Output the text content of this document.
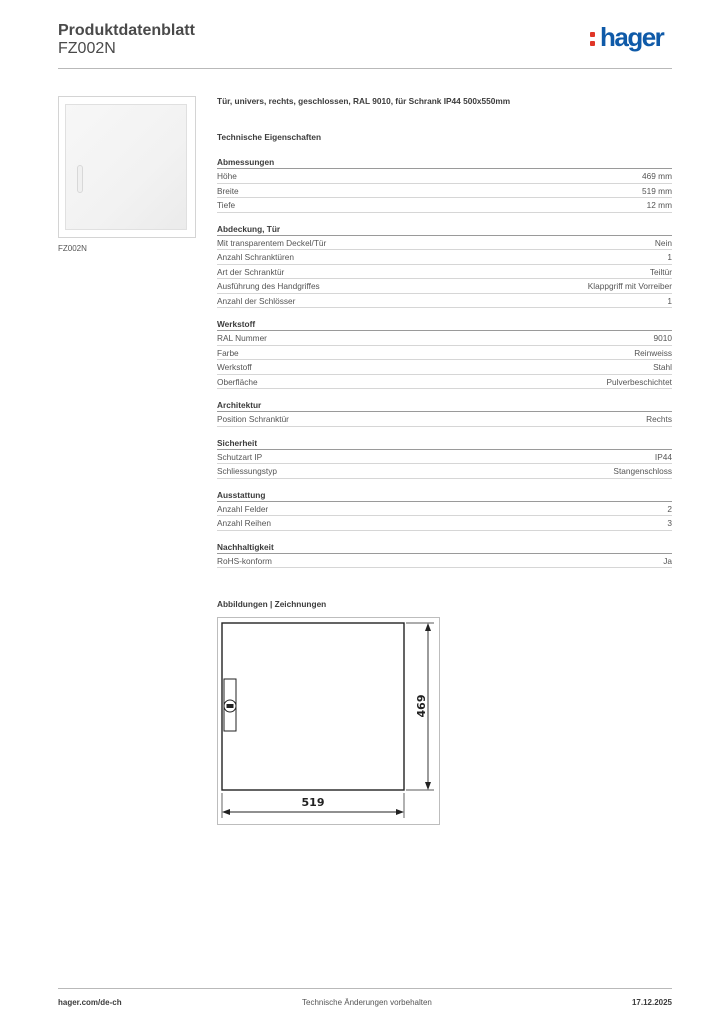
Produktdatenblatt
FZ002N	hager
FZ002N
Tür, univers, rechts, geschlossen, RAL 9010, für Schrank IP44 500x550mm
Technische Eigenschaften
Abmessungen
Höhe	469 mm
Breite	519 mm
Tiefe	12 mm
Abdeckung, Tür
Mit transparentem Deckel/Tür	Nein
Anzahl Schranktüren	1
Art der Schranktür	Teiltür
Ausführung des Handgriffes	Klappgriff mit Vorreiber
Anzahl der Schlösser	1
Werkstoff
RAL Nummer	9010
Farbe	Reinweiss
Werkstoff	Stahl
Oberfläche	Pulverbeschichtet
Architektur
Position Schranktür	Rechts
Sicherheit
Schutzart IP	IP44
Schliessungstyp	Stangenschloss
Ausstattung
Anzahl Felder	2
Anzahl Reihen	3
Nachhaltigkeit
RoHS-konform	Ja
Abbildungen | Zeichnungen
469
519
hager.com/de-ch	Technische Änderungen vorbehalten	17.12.2025
